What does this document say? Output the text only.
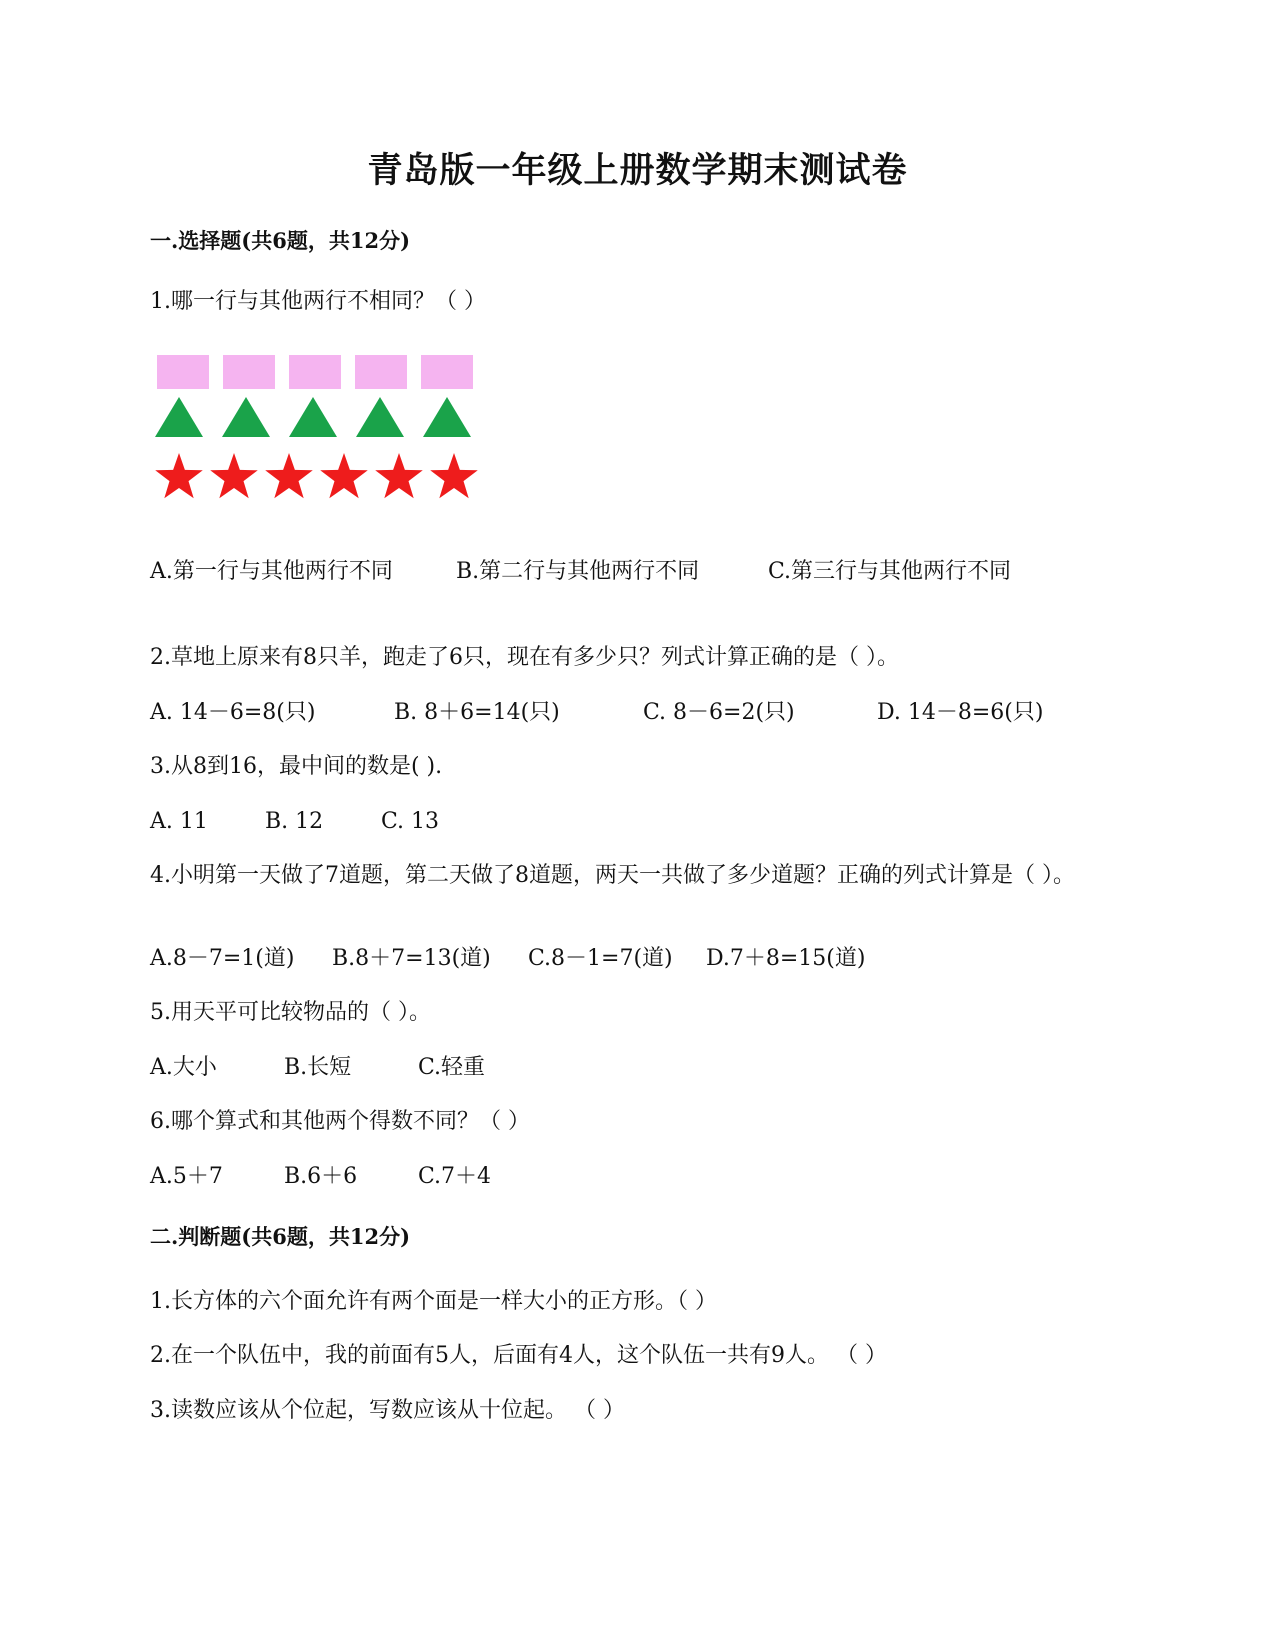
青岛版一年级上册数学期末测试卷
一.选择题(共6题，共12分)
1.哪一行与其他两行不相同？（ ）
A.第一行与其他两行不同	B.第二行与其他两行不同	C.第三行与其他两行不同
2.草地上原来有8只羊，跑走了6只，现在有多少只？列式计算正确的是（ ）。
A. 14－6=8(只)	B. 8＋6=14(只)	C. 8－6=2(只)	D. 14－8=6(只)
3.从8到16，最中间的数是( ).
A. 11	B. 12	C. 13
4.小明第一天做了7道题，第二天做了8道题，两天一共做了多少道题？正确的列式计算是（ ）。
A.8－7=1(道) B.8＋7=13(道) C.8－1=7(道) D.7＋8=15(道)
5.用天平可比较物品的（ ）。
A.大小	B.长短	C.轻重
6.哪个算式和其他两个得数不同？（ ）
A.5＋7	B.6＋6	C.7＋4
二.判断题(共6题，共12分)
1.长方体的六个面允许有两个面是一样大小的正方形。（ ）
2.在一个队伍中，我的前面有5人，后面有4人，这个队伍一共有9人。 （ ）
3.读数应该从个位起，写数应该从十位起。 （ ）
